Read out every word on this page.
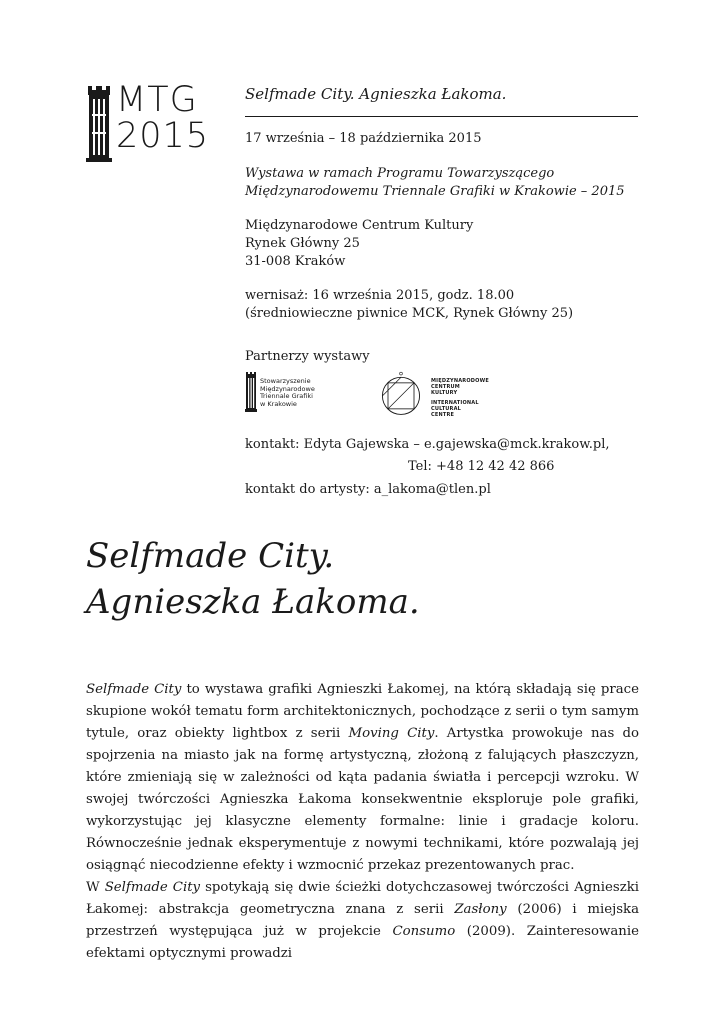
MTG
2015
Selfmade City. Agnieszka Łakoma.
17 września – 18 października 2015
Wystawa w ramach Programu Towarzyszącego
Międzynarodowemu Triennale Grafiki w Krakowie – 2015
Międzynarodowe Centrum Kultury
Rynek Główny 25
31-008 Kraków
wernisaż: 16 września 2015, godz. 18.00
(średniowieczne piwnice MCK, Rynek Główny 25)
Partnerzy wystawy
Stowarzyszenie
Międzynarodowe
Triennale Grafiki
w Krakowie
MIĘDZYNARODOWE
CENTRUM
KULTURY
INTERNATIONAL
CULTURAL
CENTRE
kontakt: Edyta Gajewska – e.gajewska@mck.krakow.pl,
Tel: +48 12 42 42 866
kontakt do artysty: a_lakoma@tlen.pl
Selfmade City.
Agnieszka Łakoma.

Selfmade City to wystawa grafiki Agnieszki Łakomej, na którą składają się prace skupione wokół tematu form architektonicznych, pochodzące z serii o tym samym tytule, oraz obiekty lightbox z serii Moving City. Artystka prowokuje nas do spojrzenia na miasto jak na formę artystyczną, złożoną z falujących płaszczyzn, które zmieniają się w zależności od kąta padania światła i percepcji wzroku. W swojej twórczości Agnieszka Łakoma konsekwentnie eksploruje pole grafiki, wykorzystując jej klasyczne elementy formalne: linie i gradacje koloru. Równocześnie jednak eksperymentuje z nowymi technikami, które pozwalają jej osiągnąć niecodzienne efekty i wzmocnić przekaz prezentowanych prac.

W Selfmade City spotykają się dwie ścieżki dotychczasowej twórczości Agnieszki Łakomej: abstrakcja geometryczna znana z serii Zasłony (2006) i miejska przestrzeń występująca już w projekcie Consumo (2009). Zainteresowanie efektami optycznymi prowadzi
